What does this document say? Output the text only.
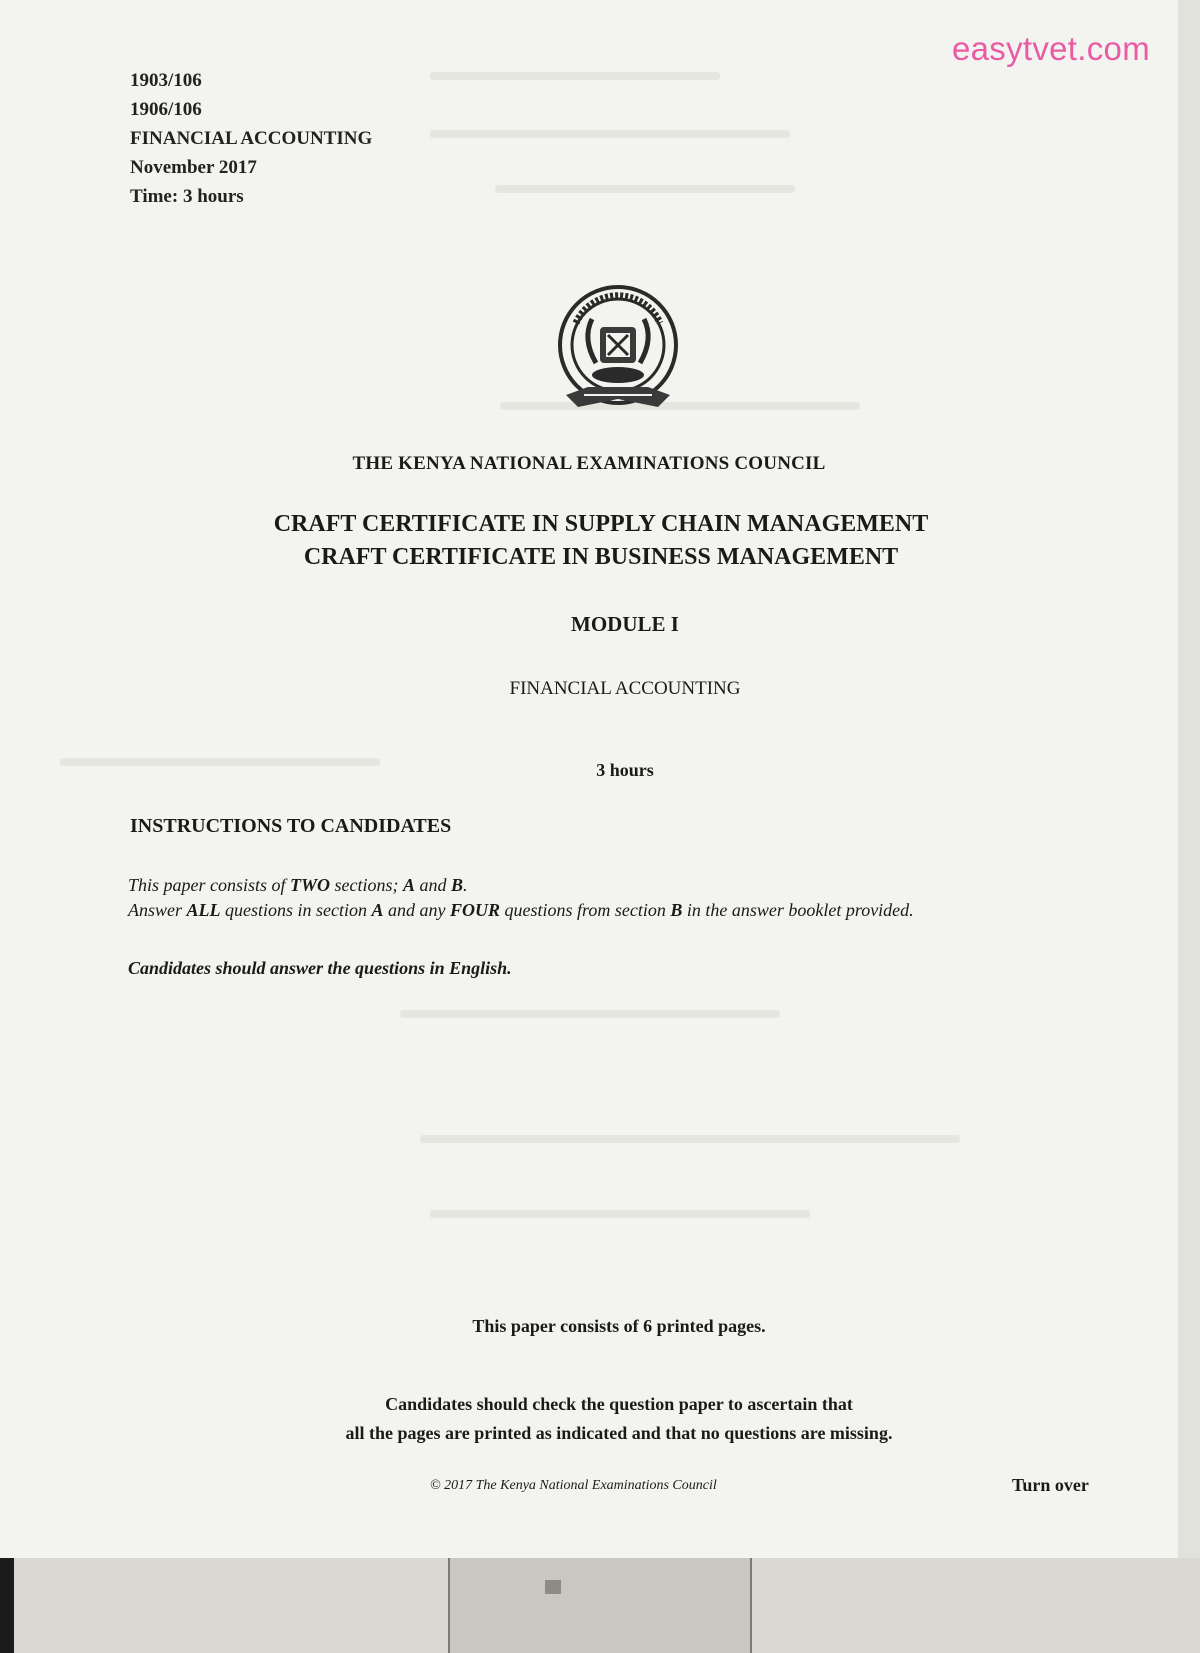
easytvet.com
1903/106
1906/106
FINANCIAL ACCOUNTING
November 2017
Time: 3 hours
THE KENYA NATIONAL EXAMINATIONS COUNCIL
CRAFT CERTIFICATE IN SUPPLY CHAIN MANAGEMENT
CRAFT CERTIFICATE IN BUSINESS MANAGEMENT
MODULE I
FINANCIAL ACCOUNTING
3 hours
INSTRUCTIONS TO CANDIDATES
This paper consists of TWO sections; A and B.
Answer ALL questions in section A and any FOUR questions from section B in the answer booklet provided.
Candidates should answer the questions in English.
This paper consists of 6 printed pages.
Candidates should check the question paper to ascertain that
all the pages are printed as indicated and that no questions are missing.
© 2017 The Kenya National Examinations Council	Turn over
